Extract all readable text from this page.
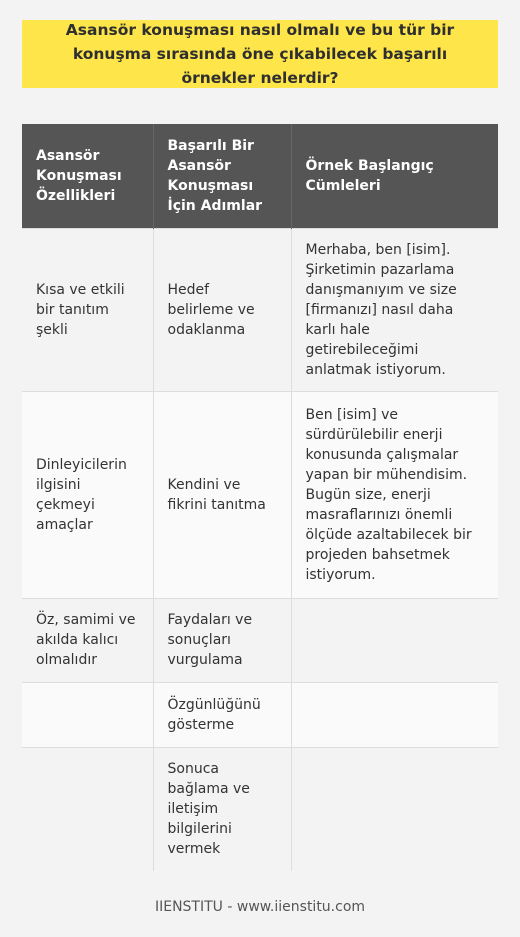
Asansör konuşması nasıl olmalı ve bu tür bir konuşma sırasında öne çıkabilecek başarılı örnekler nelerdir?
Asansör Konuşması Özellikleri	Başarılı Bir Asansör Konuşması İçin Adımlar	Örnek Başlangıç Cümleleri
Kısa ve etkili bir tanıtım şekli	Hedef belirleme ve odaklanma	Merhaba, ben [isim]. Şirketimin pazarlama danışmanıyım ve size [firmanızı] nasıl daha karlı hale getirebileceğimi anlatmak istiyorum.
Dinleyicilerin ilgisini çekmeyi amaçlar	Kendini ve fikrini tanıtma	Ben [isim] ve sürdürülebilir enerji konusunda çalışmalar yapan bir mühendisim. Bugün size, enerji masraflarınızı önemli ölçüde azaltabilecek bir projeden bahsetmek istiyorum.
Öz, samimi ve akılda kalıcı olmalıdır	Faydaları ve sonuçları vurgulama	
	Özgünlüğünü gösterme	
	Sonuca bağlama ve iletişim bilgilerini vermek	
IIENSTITU - www.iienstitu.com
